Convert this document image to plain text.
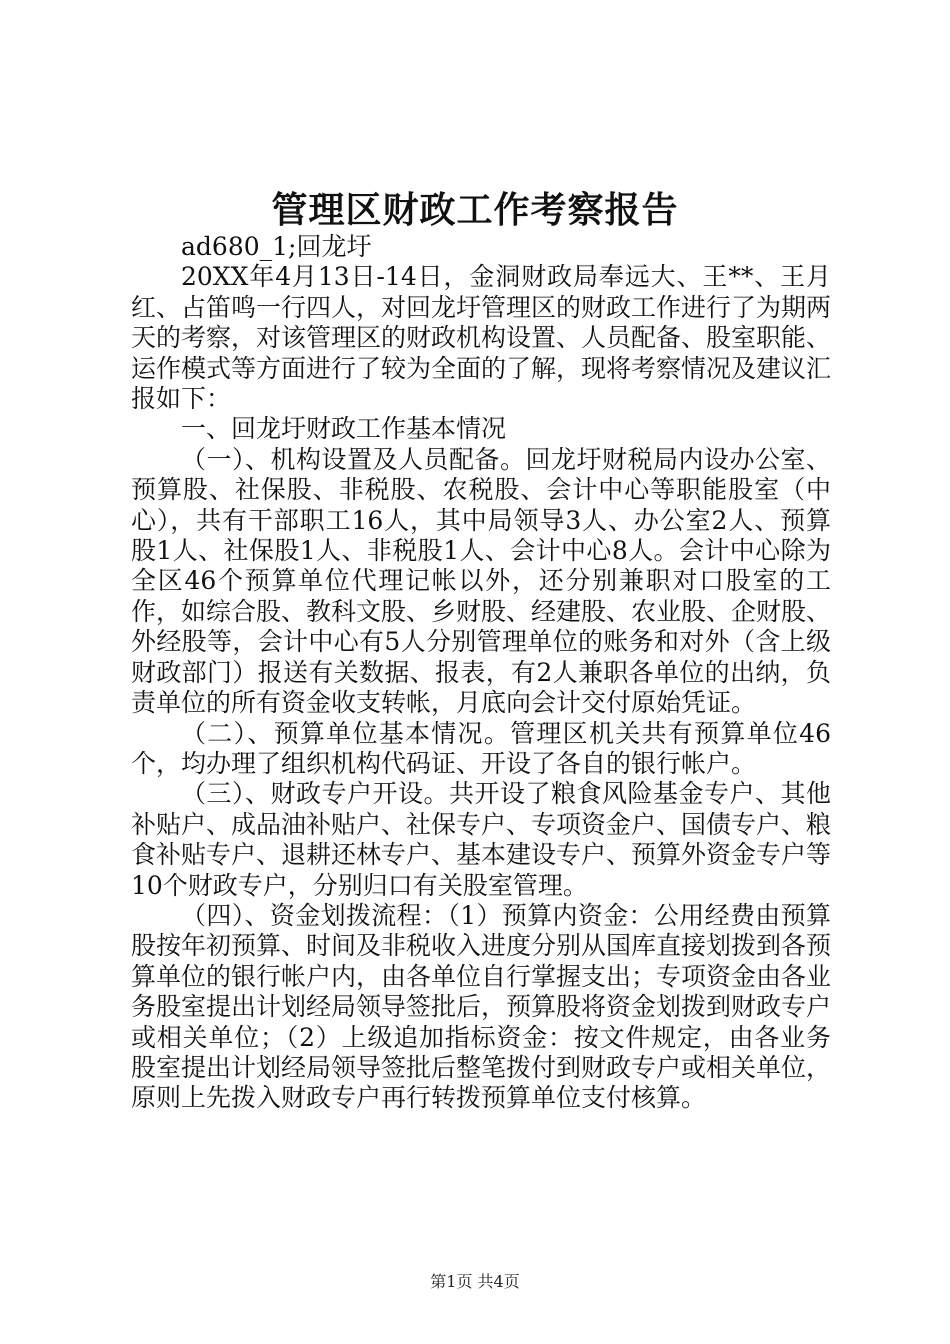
管理区财政工作考察报告

ad680_1;回龙圩

20XX年4月13日-14日，金洞财政局奉远大、王**、王月红、占笛鸣一行四人，对回龙圩管理区的财政工作进行了为期两天的考察，对该管理区的财政机构设置、人员配备、股室职能、运作模式等方面进行了较为全面的了解，现将考察情况及建议汇报如下：

一、回龙圩财政工作基本情况

（一）、机构设置及人员配备。回龙圩财税局内设办公室、预算股、社保股、非税股、农税股、会计中心等职能股室（中心），共有干部职工16人，其中局领导3人、办公室2人、预算股1人、社保股1人、非税股1人、会计中心8人。会计中心除为全区46个预算单位代理记帐以外，还分别兼职对口股室的工作，如综合股、教科文股、乡财股、经建股、农业股、企财股、外经股等，会计中心有5人分别管理单位的账务和对外（含上级财政部门）报送有关数据、报表，有2人兼职各单位的出纳，负责单位的所有资金收支转帐，月底向会计交付原始凭证。

（二）、预算单位基本情况。管理区机关共有预算单位46个，均办理了组织机构代码证、开设了各自的银行帐户。

（三）、财政专户开设。共开设了粮食风险基金专户、其他补贴户、成品油补贴户、社保专户、专项资金户、国债专户、粮食补贴专户、退耕还林专户、基本建设专户、预算外资金专户等10个财政专户，分别归口有关股室管理。

（四）、资金划拨流程：（1）预算内资金：公用经费由预算股按年初预算、时间及非税收入进度分别从国库直接划拨到各预算单位的银行帐户内，由各单位自行掌握支出；专项资金由各业务股室提出计划经局领导签批后，预算股将资金划拨到财政专户或相关单位；（2）上级追加指标资金：按文件规定，由各业务股室提出计划经局领导签批后整笔拨付到财政专户或相关单位，原则上先拨入财政专户再行转拨预算单位支付核算。

第1页 共4页
